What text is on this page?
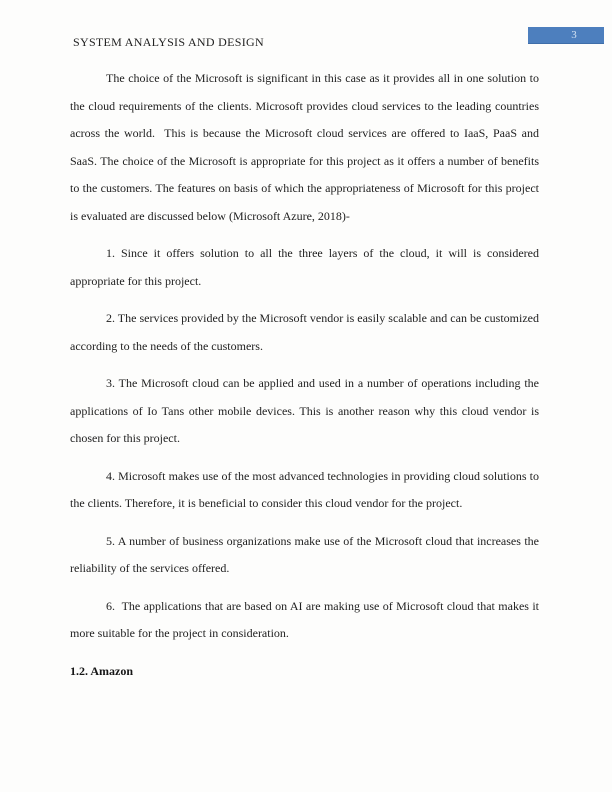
SYSTEM ANALYSIS AND DESIGN
3

The choice of the Microsoft is significant in this case as it provides all in one solution to the cloud requirements of the clients. Microsoft provides cloud services to the leading countries across the world.  This is because the Microsoft cloud services are offered to IaaS, PaaS and SaaS. The choice of the Microsoft is appropriate for this project as it offers a number of benefits to the customers. The features on basis of which the appropriateness of Microsoft for this project is evaluated are discussed below (Microsoft Azure, 2018)-

1. Since it offers solution to all the three layers of the cloud, it will is considered appropriate for this project.

2. The services provided by the Microsoft vendor is easily scalable and can be customized according to the needs of the customers.

3. The Microsoft cloud can be applied and used in a number of operations including the applications of Io Tans other mobile devices. This is another reason why this cloud vendor is chosen for this project.

4. Microsoft makes use of the most advanced technologies in providing cloud solutions to the clients. Therefore, it is beneficial to consider this cloud vendor for the project.

5. A number of business organizations make use of the Microsoft cloud that increases the reliability of the services offered.

6.  The applications that are based on AI are making use of Microsoft cloud that makes it more suitable for the project in consideration.

1.2. Amazon
